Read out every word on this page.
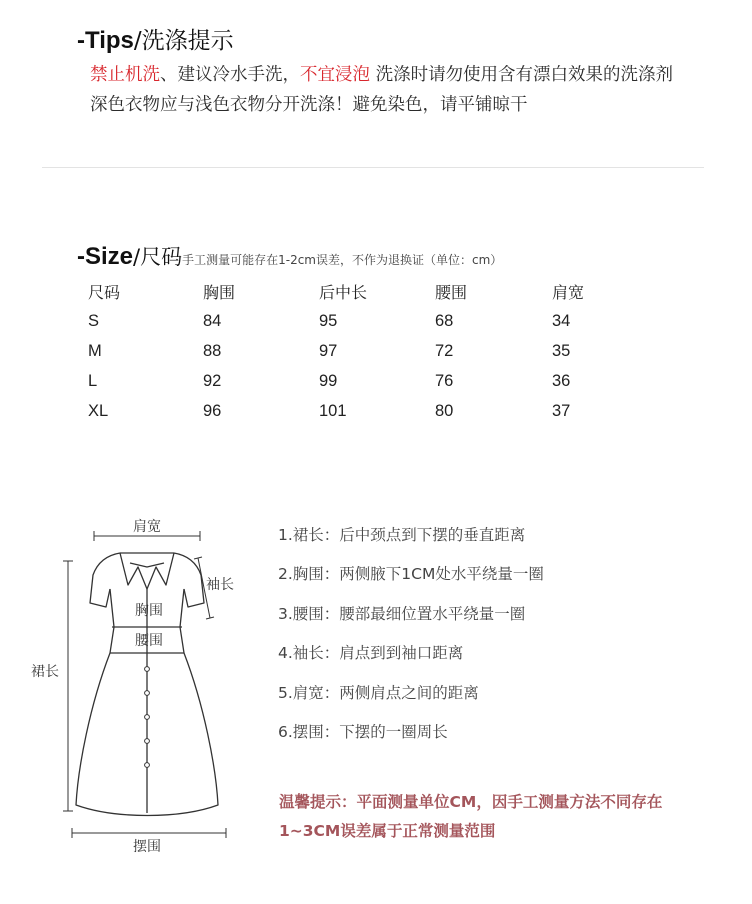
-Tips/洗涤提示
禁止机洗、建议冷水手洗，不宜浸泡 洗涤时请勿使用含有漂白效果的洗涤剂 深色衣物应与浅色衣物分开洗涤！避免染色，请平铺晾干
-Size/尺码手工测量可能存在1-2cm误差，不作为退换证（单位：cm）
尺码	胸围	后中长	腰围	肩宽
S	84	95	68	34
M	88	97	72	35
L	92	99	76	36
XL	96	101	80	37
肩宽
袖长
胸围
腰围
裙长
摆围
1.裙长：后中颈点到下摆的垂直距离
2.胸围：两侧腋下1CM处水平绕量一圈
3.腰围：腰部最细位置水平绕量一圈
4.袖长：肩点到到袖口距离
5.肩宽：两侧肩点之间的距离
6.摆围：下摆的一圈周长
温馨提示：平面测量单位CM，因手工测量方法不同存在1~3CM误差属于正常测量范围
